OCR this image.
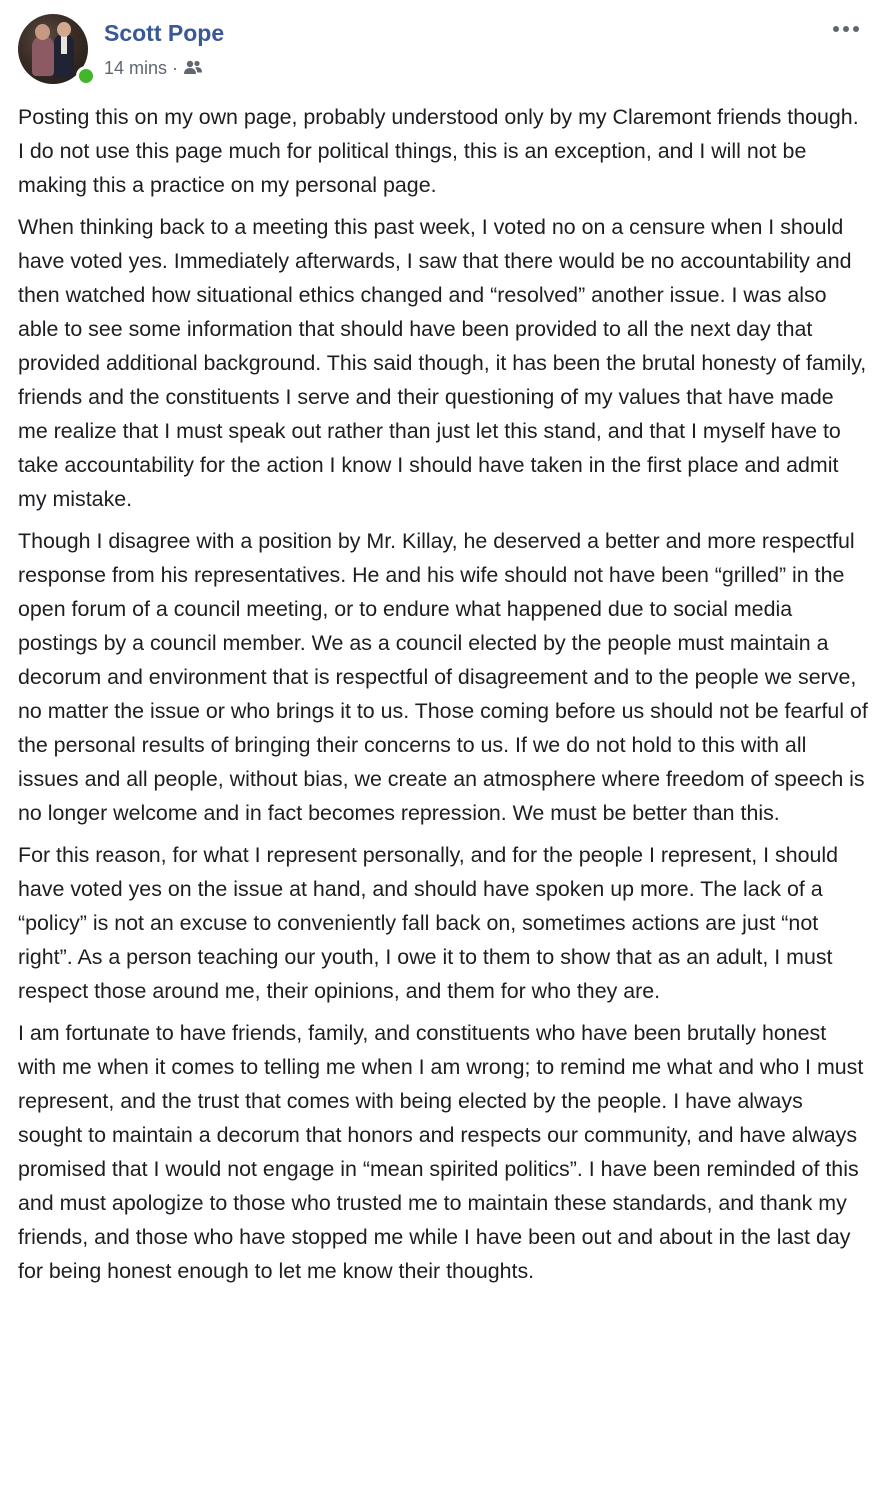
Scott Pope
14 mins ·

Posting this on my own page, probably understood only by my Claremont friends though. I do not use this page much for political things, this is an exception, and I will not be making this a practice on my personal page.

When thinking back to a meeting this past week, I voted no on a censure when I should have voted yes. Immediately afterwards, I saw that there would be no accountability and then watched how situational ethics changed and “resolved” another issue. I was also able to see some information that should have been provided to all the next day that provided additional background. This said though, it has been the brutal honesty of family, friends and the constituents I serve and their questioning of my values that have made me realize that I must speak out rather than just let this stand, and that I myself have to take accountability for the action I know I should have taken in the first place and admit my mistake.

Though I disagree with a position by Mr. Killay, he deserved a better and more respectful response from his representatives. He and his wife should not have been “grilled” in the open forum of a council meeting, or to endure what happened due to social media postings by a council member. We as a council elected by the people must maintain a decorum and environment that is respectful of disagreement and to the people we serve, no matter the issue or who brings it to us. Those coming before us should not be fearful of the personal results of bringing their concerns to us. If we do not hold to this with all issues and all people, without bias, we create an atmosphere where freedom of speech is no longer welcome and in fact becomes repression. We must be better than this.

For this reason, for what I represent personally, and for the people I represent, I should have voted yes on the issue at hand, and should have spoken up more. The lack of a “policy” is not an excuse to conveniently fall back on, sometimes actions are just “not right”. As a person teaching our youth, I owe it to them to show that as an adult, I must respect those around me, their opinions, and them for who they are.

I am fortunate to have friends, family, and constituents who have been brutally honest with me when it comes to telling me when I am wrong; to remind me what and who I must represent, and the trust that comes with being elected by the people. I have always sought to maintain a decorum that honors and respects our community, and have always promised that I would not engage in “mean spirited politics”. I have been reminded of this and must apologize to those who trusted me to maintain these standards, and thank my friends, and those who have stopped me while I have been out and about in the last day for being honest enough to let me know their thoughts.
